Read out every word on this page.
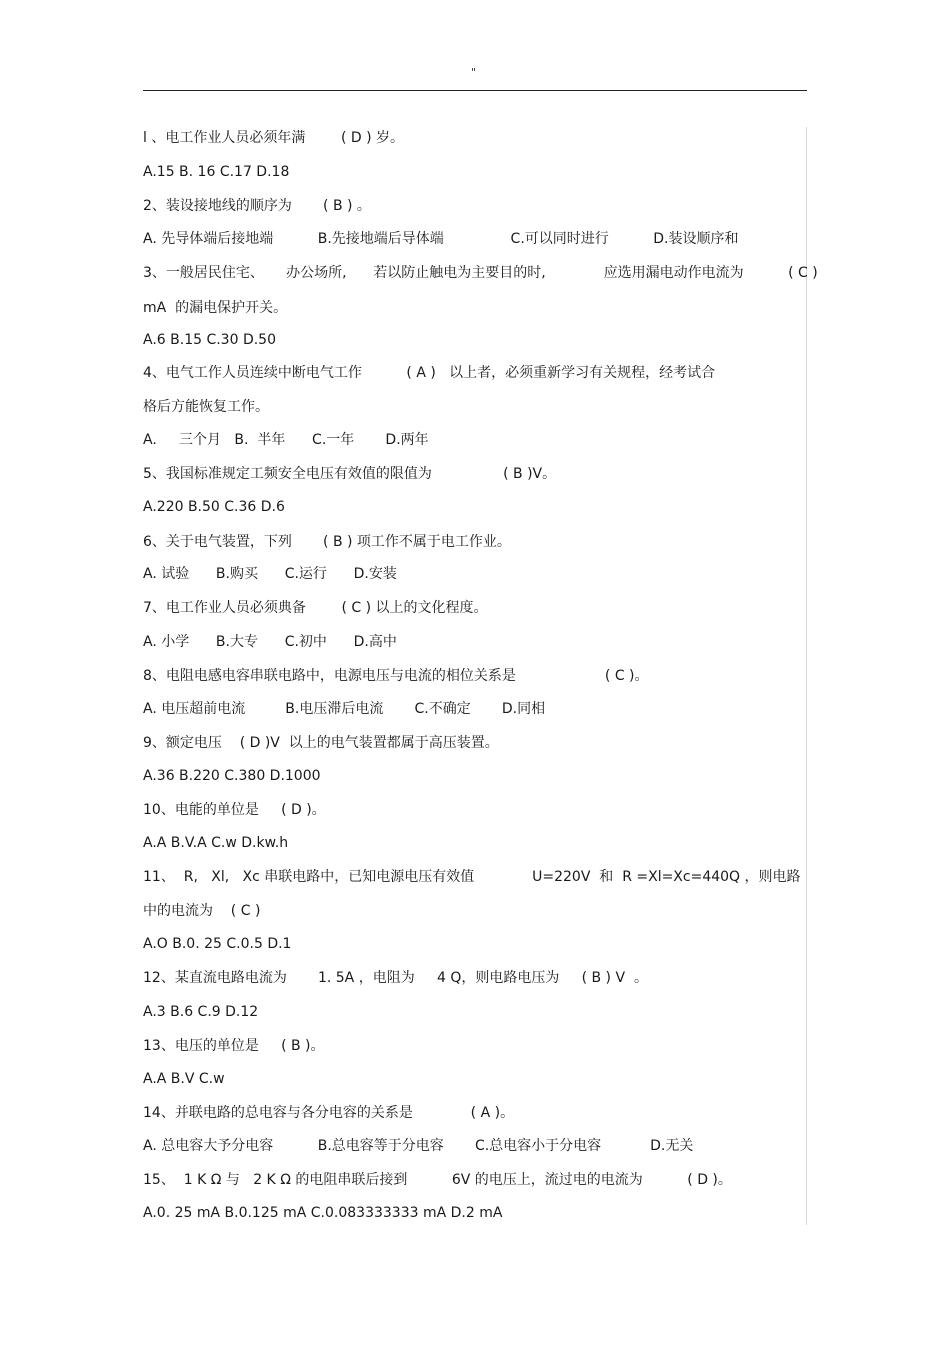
"
l 、电工作业人员必须年满        ( D ) 岁。
A.15 B. 16 C.17 D.18
2、装设接地线的顺序为       ( B ) 。
A. 先导体端后接地端          B.先接地端后导体端               C.可以同时进行          D.装设顺序和
3、一般居民住宅、     办公场所,      若以防止触电为主要目的时,             应选用漏电动作电流为          ( C )
mA  的漏电保护开关。
A.6 B.15 C.30 D.50
4、电气工作人员连续中断电气工作          ( A )   以上者，必须重新学习有关规程，经考试合
格后方能恢复工作。
A.     三个月   B.  半年      C.一年       D.两年
5、我国标准规定工频安全电压有效值的限值为                ( B )V。
A.220 B.50 C.36 D.6
6、关于电气装置，下列       ( B ) 项工作不属于电工作业。
A. 试验      B.购买      C.运行      D.安装
7、电工作业人员必须典备        ( C ) 以上的文化程度。
A. 小学      B.大专      C.初中      D.高中
8、电阻电感电容串联电路中，电源电压与电流的相位关系是                    ( C )。
A. 电压超前电流         B.电压滞后电流       C.不确定       D.同相
9、额定电压    ( D )V  以上的电气装置都属于高压装置。
A.36 B.220 C.380 D.1000
10、电能的单位是     ( D )。
A.A B.V.A C.w D.kw.h
11、  R,   Xl,   Xc 串联电路中，已知电源电压有效值             U=220V  和  R =Xl=Xc=440Q ，则电路
中的电流为    ( C )
A.O B.0. 25 C.0.5 D.1
12、某直流电路电流为       1. 5A ，电阻为     4 Q，则电路电压为     ( B ) V  。
A.3 B.6 C.9 D.12
13、电压的单位是     ( B )。
A.A B.V C.w
14、并联电路的总电容与各分电容的关系是             ( A )。
A. 总电容大予分电容          B.总电容等于分电容       C.总电容小于分电容           D.无关
15、  1 K Ω 与   2 K Ω 的电阻串联后接到          6V 的电压上，流过电的电流为          ( D )。
A.0. 25 mA B.0.125 mA C.0.083333333 mA D.2 mA
